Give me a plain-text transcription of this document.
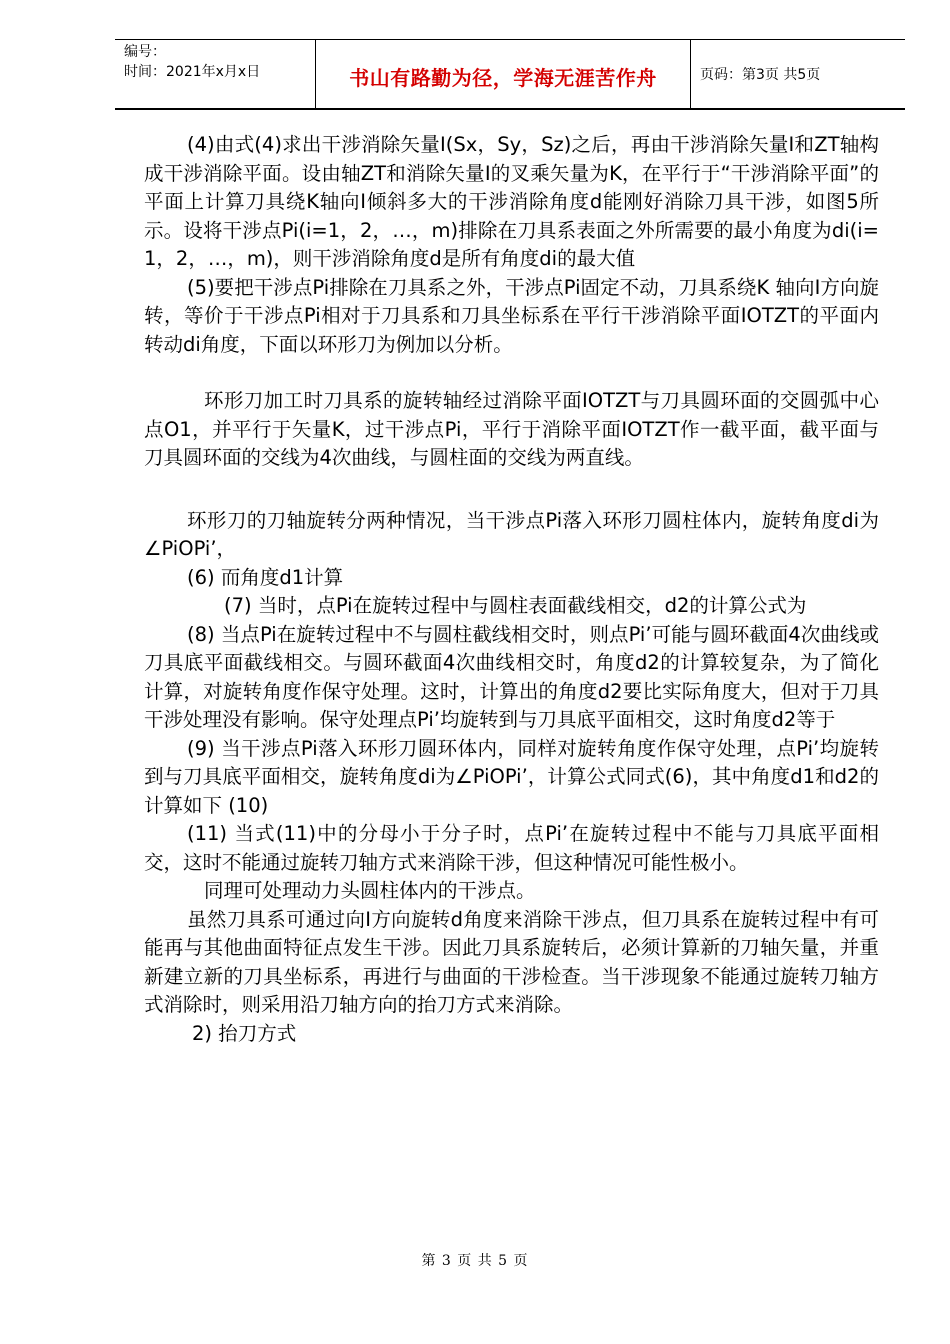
编号：
时间：2021年x月x日	书山有路勤为径，学海无涯苦作舟	页码：第3页 共5页

(4)由式(4)求出干涉消除矢量I(Sx，Sy，Sz)之后，再由干涉消除矢量I和ZT轴构成干涉消除平面。设由轴ZT和消除矢量I的叉乘矢量为K，在平行于“干涉消除平面”的平面上计算刀具绕K轴向I倾斜多大的干涉消除角度d能刚好消除刀具干涉，如图5所示。设将干涉点Pi(i=1，2，…，m)排除在刀具系表面之外所需要的最小角度为di(i=1，2，…，m)，则干涉消除角度d是所有角度di的最大值

(5)要把干涉点Pi排除在刀具系之外，干涉点Pi固定不动，刀具系绕K 轴向I方向旋转，等价于干涉点Pi相对于刀具系和刀具坐标系在平行干涉消除平面IOTZT的平面内转动di角度，下面以环形刀为例加以分析。

环形刀加工时刀具系的旋转轴经过消除平面IOTZT与刀具圆环面的交圆弧中心点O1，并平行于矢量K，过干涉点Pi，平行于消除平面IOTZT作一截平面，截平面与刀具圆环面的交线为4次曲线，与圆柱面的交线为两直线。

环形刀的刀轴旋转分两种情况，当干涉点Pi落入环形刀圆柱体内，旋转角度di为∠PiOPi’，

(6) 而角度d1计算

(7) 当时，点Pi在旋转过程中与圆柱表面截线相交，d2的计算公式为

(8) 当点Pi在旋转过程中不与圆柱截线相交时，则点Pi’可能与圆环截面4次曲线或刀具底平面截线相交。与圆环截面4次曲线相交时，角度d2的计算较复杂，为了简化计算，对旋转角度作保守处理。这时，计算出的角度d2要比实际角度大，但对于刀具干涉处理没有影响。保守处理点Pi’均旋转到与刀具底平面相交，这时角度d2等于

(9) 当干涉点Pi落入环形刀圆环体内，同样对旋转角度作保守处理，点Pi’均旋转到与刀具底平面相交，旋转角度di为∠PiOPi’，计算公式同式(6)，其中角度d1和d2的计算如下 (10)

(11) 当式(11)中的分母小于分子时，点Pi’在旋转过程中不能与刀具底平面相交，这时不能通过旋转刀轴方式来消除干涉，但这种情况可能性极小。

同理可处理动力头圆柱体内的干涉点。

虽然刀具系可通过向I方向旋转d角度来消除干涉点，但刀具系在旋转过程中有可能再与其他曲面特征点发生干涉。因此刀具系旋转后，必须计算新的刀轴矢量，并重新建立新的刀具坐标系，再进行与曲面的干涉检查。当干涉现象不能通过旋转刀轴方式消除时，则采用沿刀轴方向的抬刀方式来消除。

2) 抬刀方式

第 3 页 共 5 页
